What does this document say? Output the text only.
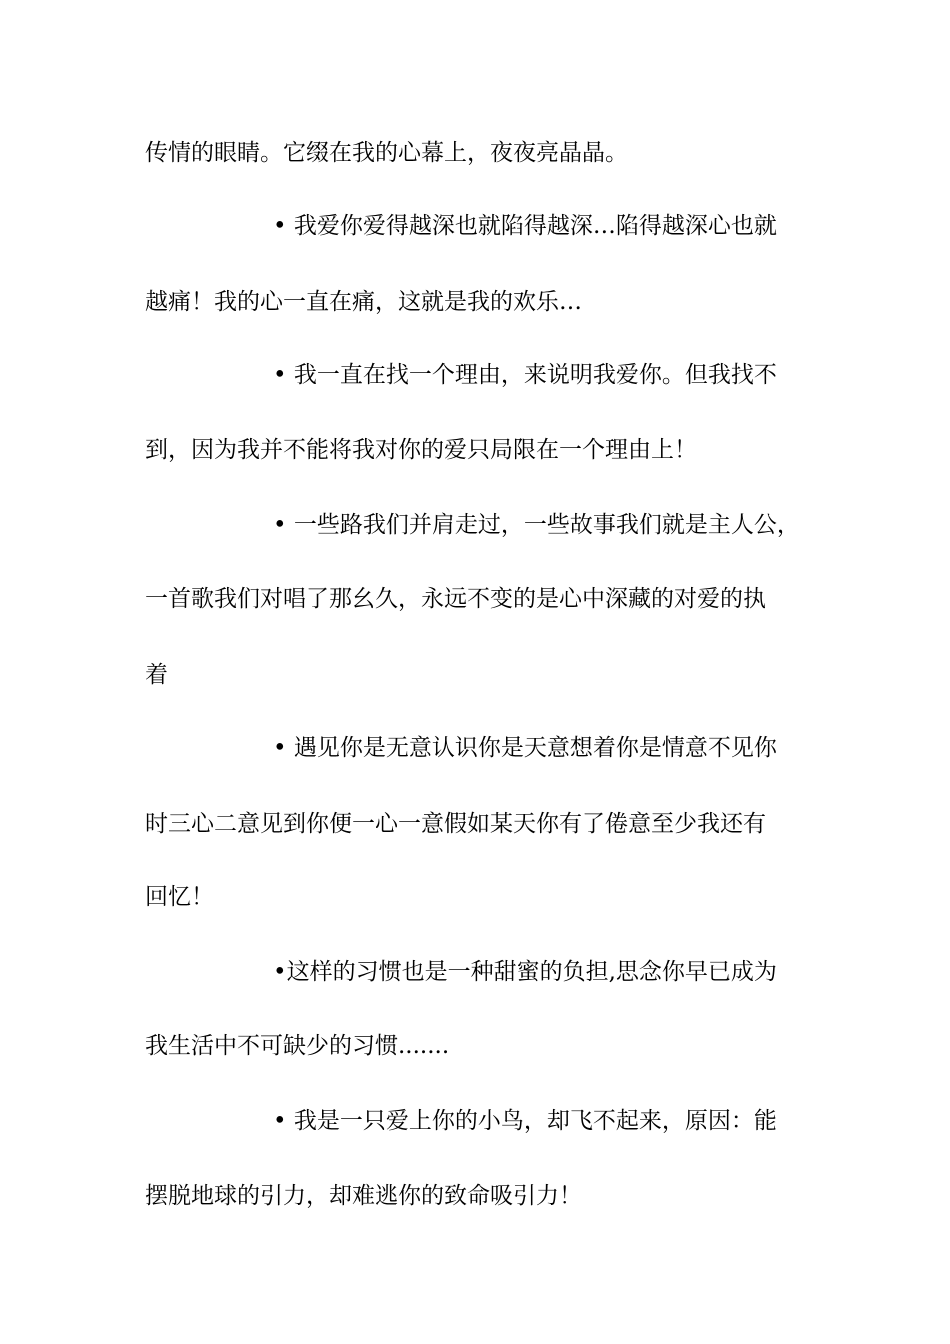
传情的眼睛。它缀在我的心幕上，夜夜亮晶晶。
• 我爱你爱得越深也就陷得越深…陷得越深心也就
越痛！我的心一直在痛，这就是我的欢乐…
• 我一直在找一个理由，来说明我爱你。但我找不
到，因为我并不能将我对你的爱只局限在一个理由上！
• 一些路我们并肩走过，一些故事我们就是主人公，
一首歌我们对唱了那幺久，永远不变的是心中深藏的对爱的执
着
• 遇见你是无意认识你是天意想着你是情意不见你
时三心二意见到你便一心一意假如某天你有了倦意至少我还有
回忆！
•这样的习惯也是一种甜蜜的负担,思念你早已成为
我生活中不可缺少的习惯.......
• 我是一只爱上你的小鸟，却飞不起来，原因：能
摆脱地球的引力，却难逃你的致命吸引力！
